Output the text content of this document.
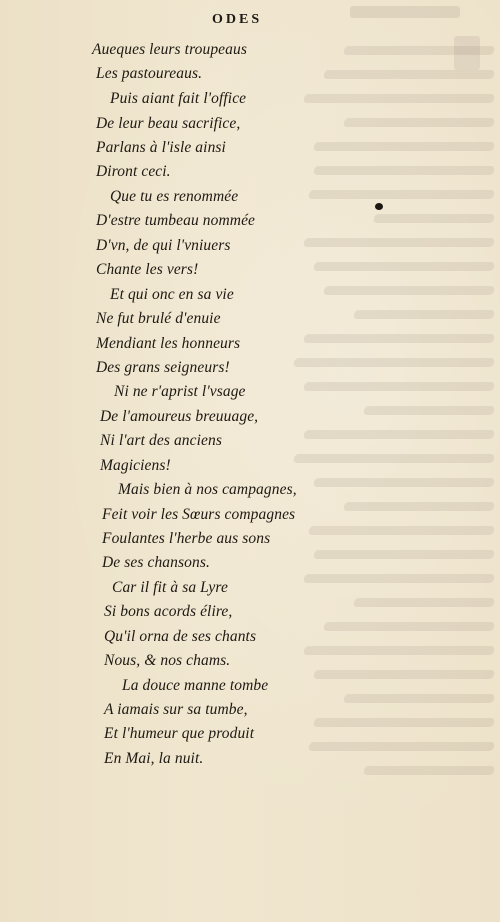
ODES
Aueques leurs troupeaus
Les pastoureaus.
Puis aiant fait l'office
De leur beau sacrifice,
Parlans à l'isle ainsi
Diront ceci.
Que tu es renommée
D'estre tumbeau nommée
D'vn, de qui l'vniuers
Chante les vers!
Et qui onc en sa vie
Ne fut brulé d'enuie
Mendiant les honneurs
Des grans seigneurs!
Ni ne r'aprist l'vsage
De l'amoureus breuuage,
Ni l'art des anciens
Magiciens!
Mais bien à nos campagnes,
Feit voir les Sœurs compagnes
Foulantes l'herbe aus sons
De ses chansons.
Car il fit à sa Lyre
Si bons acords élire,
Qu'il orna de ses chants
Nous, & nos chams.
La douce manne tombe
A iamais sur sa tumbe,
Et l'humeur que produit
En Mai, la nuit.
